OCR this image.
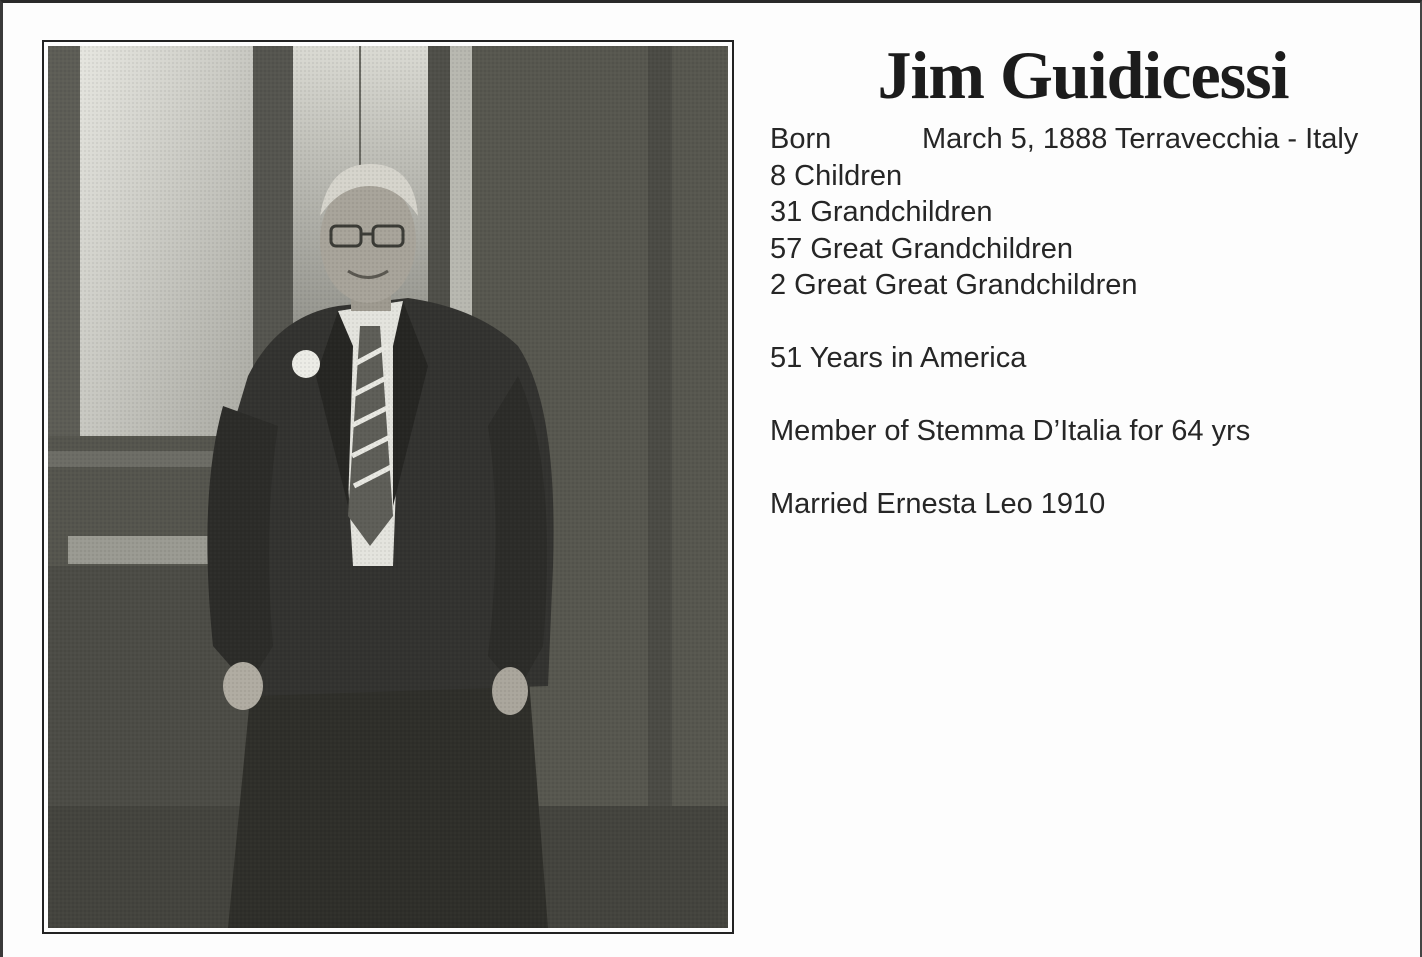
Jim Guidicessi
Born	March 5, 1888 Terravecchia - Italy
8 Children
31 Grandchildren
57 Great Grandchildren
2 Great Great Grandchildren
51 Years in America
Member of Stemma D’Italia for 64 yrs
Married Ernesta Leo 1910
